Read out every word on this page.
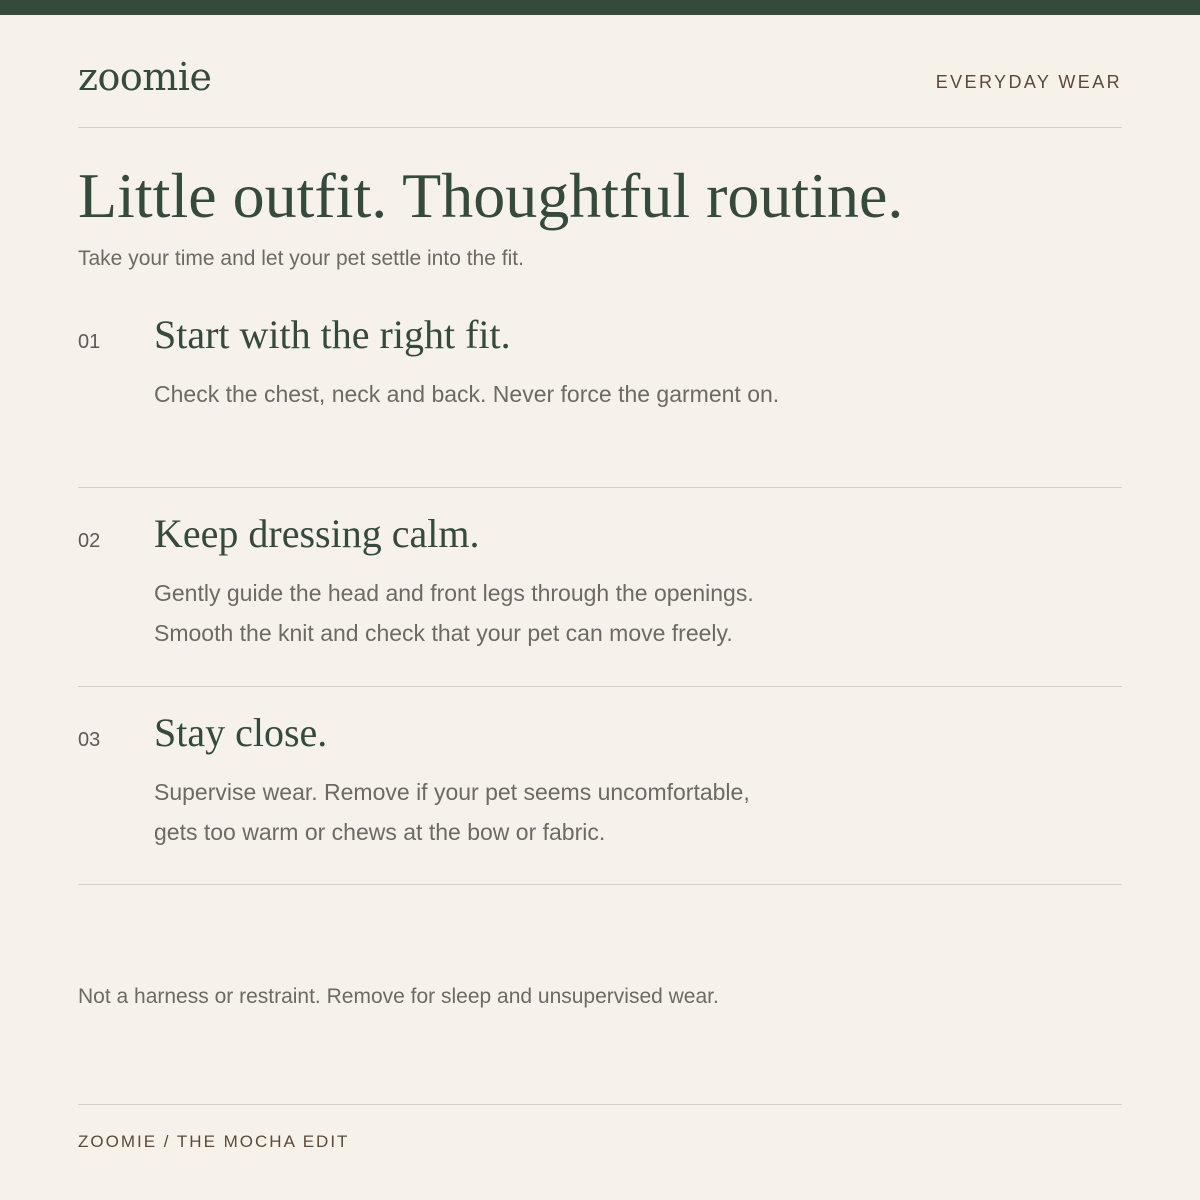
zoomie	EVERYDAY WEAR
Little outfit. Thoughtful routine.
Take your time and let your pet settle into the fit.
01 Start with the right fit.
Check the chest, neck and back. Never force the garment on.
02 Keep dressing calm.
Gently guide the head and front legs through the openings.
Smooth the knit and check that your pet can move freely.
03 Stay close.
Supervise wear. Remove if your pet seems uncomfortable,
gets too warm or chews at the bow or fabric.
Not a harness or restraint. Remove for sleep and unsupervised wear.
ZOOMIE / THE MOCHA EDIT
